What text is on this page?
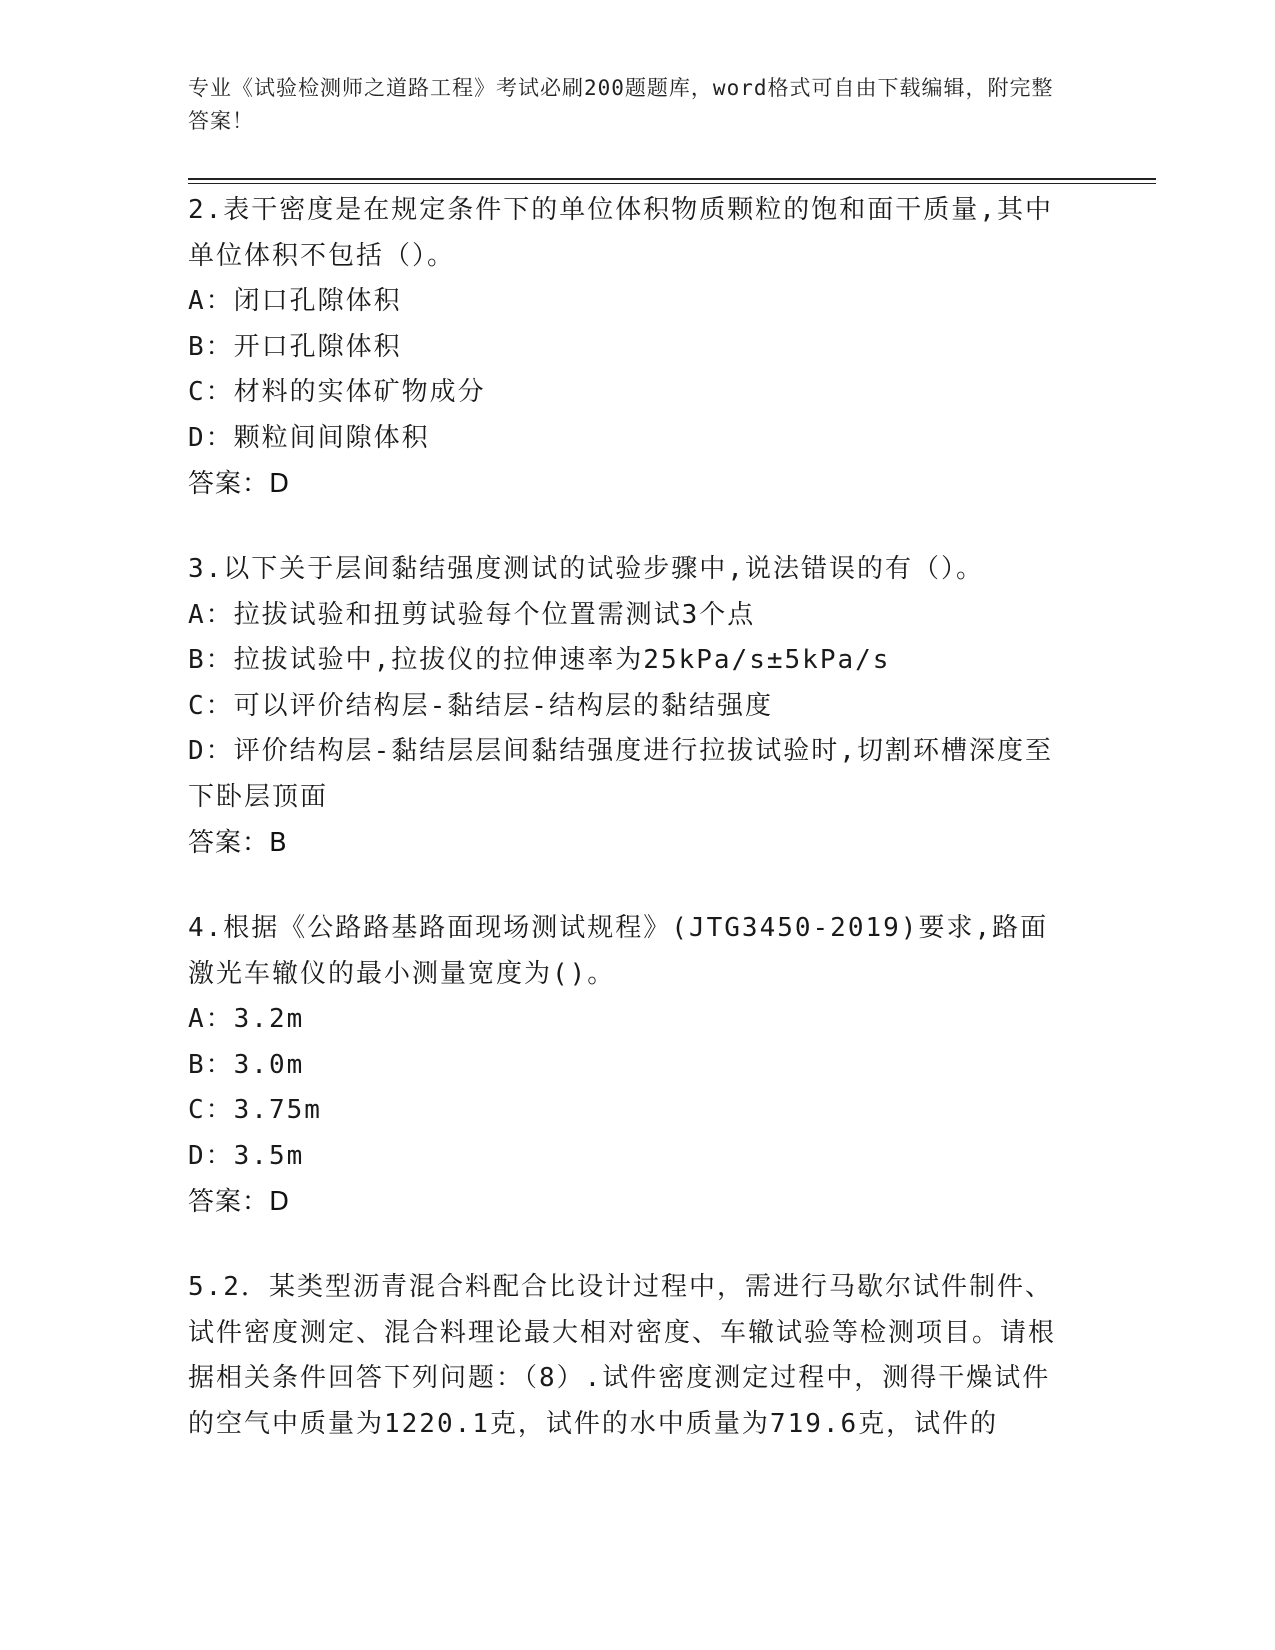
专业《试验检测师之道路工程》考试必刷200题题库，word格式可自由下载编辑，附完整答案！
2.表干密度是在规定条件下的单位体积物质颗粒的饱和面干质量,其中单位体积不包括（）。
A：闭口孔隙体积
B：开口孔隙体积
C：材料的实体矿物成分
D：颗粒间间隙体积
答案：D
3.以下关于层间黏结强度测试的试验步骤中,说法错误的有（）。
A：拉拔试验和扭剪试验每个位置需测试3个点
B：拉拔试验中,拉拔仪的拉伸速率为25kPa/s±5kPa/s
C：可以评价结构层-黏结层-结构层的黏结强度
D：评价结构层-黏结层层间黏结强度进行拉拔试验时,切割环槽深度至下卧层顶面
答案：B
4.根据《公路路基路面现场测试规程》(JTG3450-2019)要求,路面激光车辙仪的最小测量宽度为()。
A：3.2m
B：3.0m
C：3.75m
D：3.5m
答案：D
5.2．某类型沥青混合料配合比设计过程中，需进行马歇尔试件制件、试件密度测定、混合料理论最大相对密度、车辙试验等检测项目。请根据相关条件回答下列问题：（8）.试件密度测定过程中，测得干燥试件的空气中质量为1220.1克，试件的水中质量为719.6克，试件的
